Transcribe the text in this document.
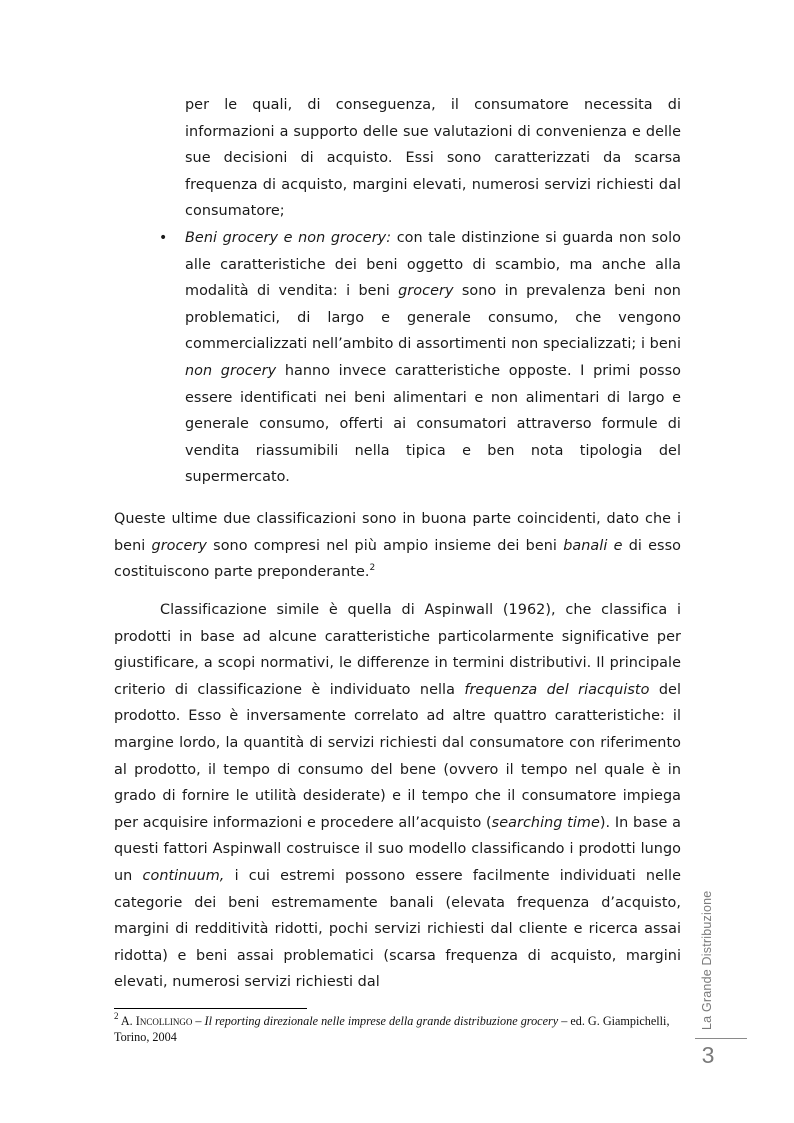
per le quali, di conseguenza, il consumatore necessita di informazioni a supporto delle sue valutazioni di convenienza e delle sue decisioni di acquisto. Essi sono caratterizzati da scarsa frequenza di acquisto, margini elevati, numerosi servizi richiesti dal consumatore;
• Beni grocery e non grocery: con tale distinzione si guarda non solo alle caratteristiche dei beni oggetto di scambio, ma anche alla modalità di vendita: i beni grocery sono in prevalenza beni non problematici, di largo e generale consumo, che vengono commercializzati nell’ambito di assortimenti non specializzati; i beni non grocery hanno invece caratteristiche opposte. I primi posso essere identificati nei beni alimentari e non alimentari di largo e generale consumo, offerti ai consumatori attraverso formule di vendita riassumibili nella tipica e ben nota tipologia del supermercato.
Queste ultime due classificazioni sono in buona parte coincidenti, dato che i beni grocery sono compresi nel più ampio insieme dei beni banali e di esso costituiscono parte preponderante.$^2$
Classificazione simile è quella di Aspinwall (1962), che classifica i prodotti in base ad alcune caratteristiche particolarmente significative per giustificare, a scopi normativi, le differenze in termini distributivi. Il principale criterio di classificazione è individuato nella frequenza del riacquisto del prodotto. Esso è inversamente correlato ad altre quattro caratteristiche: il margine lordo, la quantità di servizi richiesti dal consumatore con riferimento al prodotto, il tempo di consumo del bene (ovvero il tempo nel quale è in grado di fornire le utilità desiderate) e il tempo che il consumatore impiega per acquisire informazioni e procedere all’acquisto (searching time). In base a questi fattori Aspinwall costruisce il suo modello classificando i prodotti lungo un continuum, i cui estremi possono essere facilmente individuati nelle categorie dei beni estremamente banali (elevata frequenza d’acquisto, margini di redditività ridotti, pochi servizi richiesti dal cliente e ricerca assai ridotta) e beni assai problematici (scarsa frequenza di acquisto, margini elevati, numerosi servizi richiesti dal
$^2$ A. Incollingo – Il reporting direzionale nelle imprese della grande distribuzione grocery – ed. G. Giampichelli, Torino, 2004
La Grande Distribuzione
3
